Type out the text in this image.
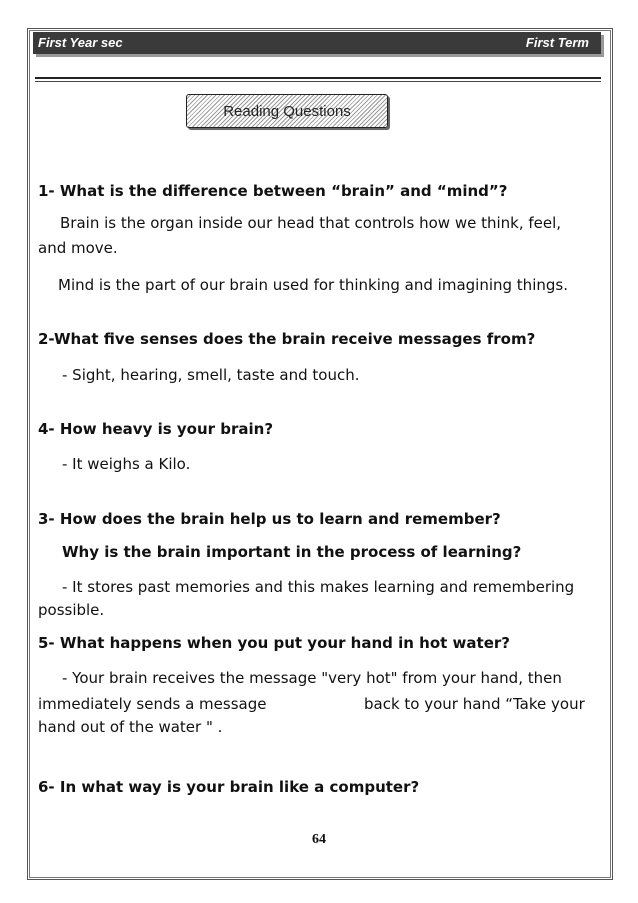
First Year sec	First Term
Reading Questions
1- What is the difference between “brain” and “mind”?
Brain is the organ inside our head that controls how we think, feel,
and move.
Mind is the part of our brain used for thinking and imagining things.
2-What five senses does the brain receive messages from?
- Sight, hearing, smell, taste and touch.
4- How heavy is your brain?
- It weighs a Kilo.
3- How does the brain help us to learn and remember?
Why is the brain important in the process of learning?
- It stores past memories and this makes learning and remembering
possible.
5- What happens when you put your hand in hot water?
- Your brain receives the message "very hot" from your hand, then
immediately sends a message	back to your hand “Take your
hand out of the water " .
6- In what way is your brain like a computer?
64
